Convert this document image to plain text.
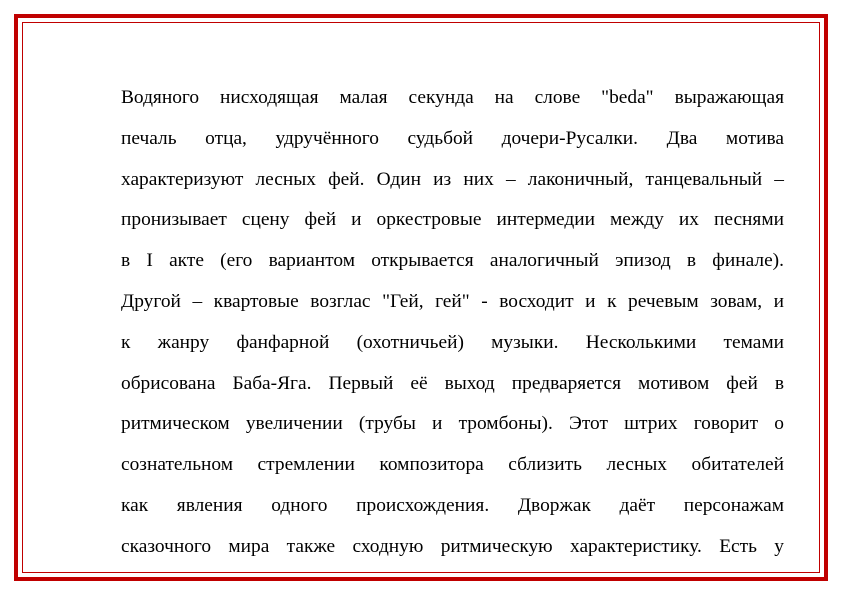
Водяного нисходящая малая секунда на слове "beda" выражающая
печаль отца, удручённого судьбой дочери-Русалки. Два мотива
характеризуют лесных фей. Один из них – лаконичный, танцевальный –
пронизывает сцену фей и оркестровые интермедии между их песнями
в I акте (его вариантом открывается аналогичный эпизод в финале).
Другой – квартовые возглас "Гей, гей" - восходит и к речевым зовам, и
к жанру фанфарной (охотничьей) музыки. Несколькими темами
обрисована Баба-Яга. Первый её выход предваряется мотивом фей в
ритмическом увеличении (трубы и тромбоны). Этот штрих говорит о
сознательном стремлении композитора сблизить лесных обитателей
как явления одного происхождения. Дворжак даёт персонажам
сказочного мира также сходную ритмическую характеристику. Есть у
